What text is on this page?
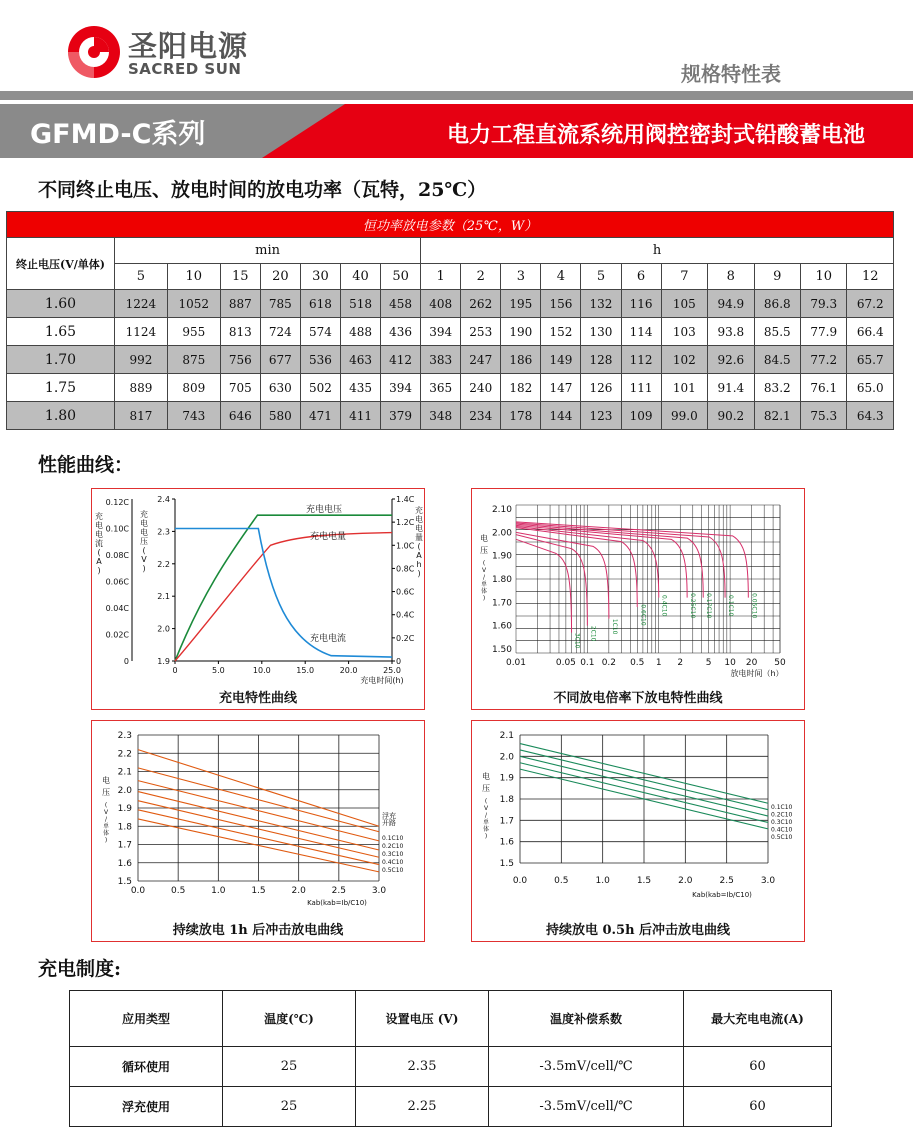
圣阳电源
SACRED SUN	规格特性表
GFMD-C系列	电力工程直流系统用阀控密封式铅酸蓄电池
不同终止电压、放电时间的放电功率（瓦特，25℃）
恒功率放电参数（25℃，W）																		
终止电压(V/单体)	min							h										
	5	10	15	20	30	40	50	1	2	3	4	5	6	7	8	9	10	12
1.60	1224	1052	887	785	618	518	458	408	262	195	156	132	116	105	94.9	86.8	79.3	67.2
1.65	1124	955	813	724	574	488	436	394	253	190	152	130	114	103	93.8	85.5	77.9	66.4
1.70	992	875	756	677	536	463	412	383	247	186	149	128	112	102	92.6	84.5	77.2	65.7
1.75	889	809	705	630	502	435	394	365	240	182	147	126	111	101	91.4	83.2	76.1	65.0
1.80	817	743	646	580	471	411	379	348	234	178	144	123	109	99.0	90.2	82.1	75.3	64.3
性能曲线：
0.12C
0.10C
0.08C
0.06C
0.04C
0.02C
0
充
电
电
流
(
A
)
2.4
2.3
2.2
2.1
2.0
1.9
充
电
电
压
(
V
)
1.4C
1.2C
1.0C
0.8C
0.6C
0.4C
0.2C
0
充
电
电
量
(
A
h
)
0	5.0	10.0	15.0	20.0	25.0
充电时间(h)
充电电压
充电电量
充电电流
充电特性曲线
2.10
2.00
1.90
1.80
1.70
1.60
1.50
0.01	0.05 0.1 0.2 0.5 1 2	5 10 20 50
放电时间（h）
电
压
(
V
/
单
体
)
3C10 2C10 1C10
0.6C10 0.4C10	0.25C10 0.17C10 0.1C10	0.05C10
不同放电倍率下放电特性曲线
2.3
2.2
2.1
2.0
1.9
1.8
1.7
1.6
1.5
0.0	0.5	1.0	1.5	2.0	2.5	3.0
Kab(kab=Ib/C10)
电
压
(
V
/
单
体
)
浮充
开路
0.1C10
0.2C10
0.3C10
0.4C10
0.5C10
持续放电 1h 后冲击放电曲线
2.1
2.0
1.9
1.8
1.7
1.6
1.5
0.0	0.5	1.0	1.5	2.0	2.5	3.0
Kab(kab=Ib/C10)
电
压
(
V
/
单
体
)
0.1C10
0.2C10
0.3C10
0.4C10
0.5C10
持续放电 0.5h 后冲击放电曲线
充电制度:
应用类型	温度(℃)	设置电压 (V)	温度补偿系数	最大充电电流(A)
循环使用	25	2.35	-3.5mV/cell/℃	60
浮充使用	25	2.25	-3.5mV/cell/℃	60
